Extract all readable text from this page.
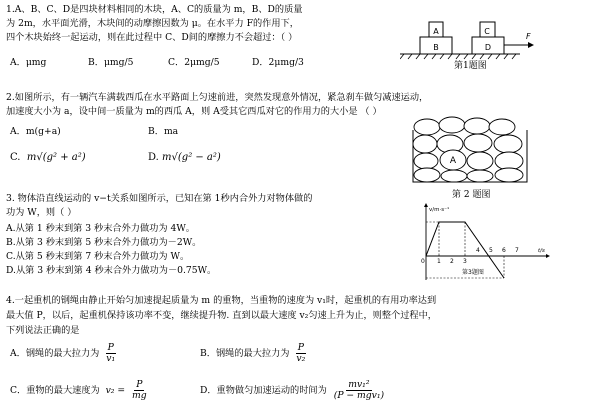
1.A、B、C、D是四块材料相同的木块，A、C的质量为 m，B、D的质量
为 2m，水平面光滑，木块间的动摩擦因数为 μ。在水平力 F的作用下，
四个木块始终一起运动，则在此过程中 C、D间的摩擦力不会超过：（ ）
A．μmg	B．μmg/5	C．2μmg/5	D．2μmg/3
A
B
C
D
F
第1题图
2.如图所示，有一辆汽车满载西瓜在水平路面上匀速前进，突然发现意外情况，紧急刹车做匀减速运动，
加速度大小为 a，设中间一质量为 m的西瓜 A，则 A受其它西瓜对它的作用力的大小是 （ ）
A．m(g+a)	B．ma
C. m√(g² + a²)	D. m√(g² − a²)	A
3. 物体沿直线运动的 v−t关系如图所示，已知在第 1秒内合外力对物体做的
功为 W，则（ ）
A.从第 1 秒末到第 3 秒末合外力做功为 4W。
B.从第 3 秒末到第 5 秒末合外力做功为－2W。
C.从第 5 秒末到第 7 秒末合外力做功为 W。
D.从第 3 秒末到第 4 秒末合外力做功为－0.75W。
第 2 题图
v/m·s⁻¹
t/s
0 1 2 3
4 5 6 7
第3题图
4.一起重机的钢绳由静止开始匀加速提起质量为 m 的重物，当重物的速度为 v₁时，起重机的有用功率达到
最大值 P，以后，起重机保持该功率不变，继续提升物. 直到以最大速度 v₂匀速上升为止，则整个过程中，
下列说法正确的是
A．钢绳的最大拉力为 $\frac{P}{\text{v₁}}$	B．钢绳的最大拉力为 $\frac{P}{\text{v₂}}$
C．重物的最大速度为 $v_2 = \frac{P}{mg}$	D．重物做匀加速运动的时间为 $\frac{\text{mv₁²}}{\text{(P − mgv₁)}}$
